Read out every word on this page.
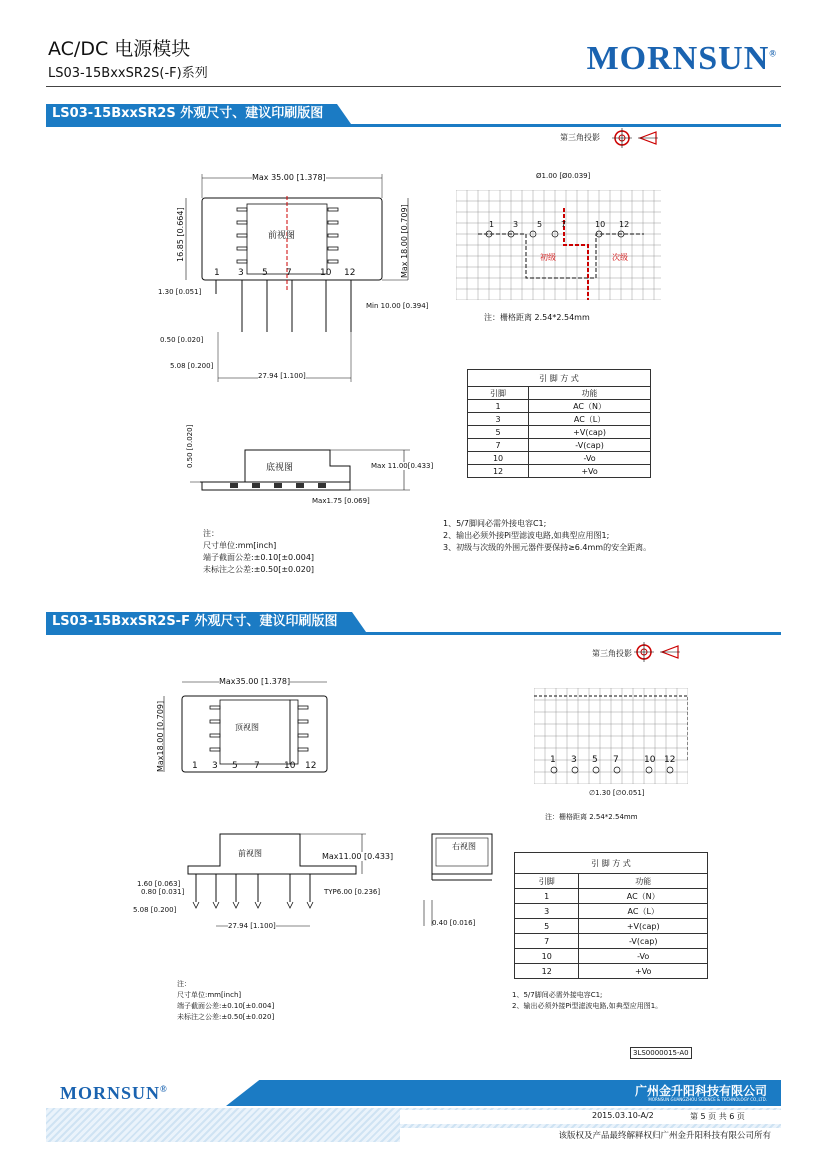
AC/DC 电源模块
LS03-15BxxSR2S(-F)系列	MORNSUN®
LS03-15BxxSR2S 外观尺寸、建议印刷版图
第三角投影
Max 35.00 [1.378]
16.85 [0.664]	Max 18.00 [0.709]
前视图
1 3 5 7	10 12
1.30 [0.051]
Min 10.00 [0.394]
0.50 [0.020]
5.08 [0.200]
27.94 [1.100]
Ø1.00 [Ø0.039]
1 3 5 7	10 12
初级	次级
注：栅格距离 2.54*2.54mm
引 脚 方 式	
引脚	功能
1	AC（N）
3	AC（L）
5	+V(cap)
7	-V(cap)
10	-Vo
12	+Vo
底视图
0.50 [0.020]	Max 11.00[0.433]
Max1.75 [0.069]
注：
尺寸单位:mm[inch]
端子截面公差:±0.10[±0.004]
未标注之公差:±0.50[±0.020]
1、5/7脚间必需外接电容C1;
2、输出必须外接Pi型滤波电路,如典型应用图1;
3、初级与次级的外围元器件要保持≥6.4mm的安全距离。
LS03-15BxxSR2S-F 外观尺寸、建议印刷版图
第三角投影
Max35.00 [1.378]
Max18.00 [0.709]	顶视图
1 3 5 7	10 12
1 3 5 7	10 12
∅1.30 [∅0.051]
注：栅格距离 2.54*2.54mm
前视图	Max11.00 [0.433]
1.60 [0.063]
0.80 [0.031]	TYP6.00 [0.236]
5.08 [0.200]
27.94 [1.100]
右视图
0.40 [0.016]
引 脚 方 式	
引脚	功能
1	AC（N）
3	AC（L）
5	+V(cap)
7	-V(cap)
10	-Vo
12	+Vo
注：
尺寸单位:mm[inch]
端子截面公差:±0.10[±0.004]
未标注之公差:±0.50[±0.020]
1、5/7脚间必需外接电容C1;
2、输出必须外接Pi型滤波电路,如典型应用图1。
3LS0000015-A0
MORNSUN®	广州金升阳科技有限公司
MORNSUN GUANGZHOU SCIENCE & TECHNOLOGY CO.,LTD.
2015.03.10-A/2	第 5 页 共 6 页
该版权及产品最终解释权归广州金升阳科技有限公司所有
